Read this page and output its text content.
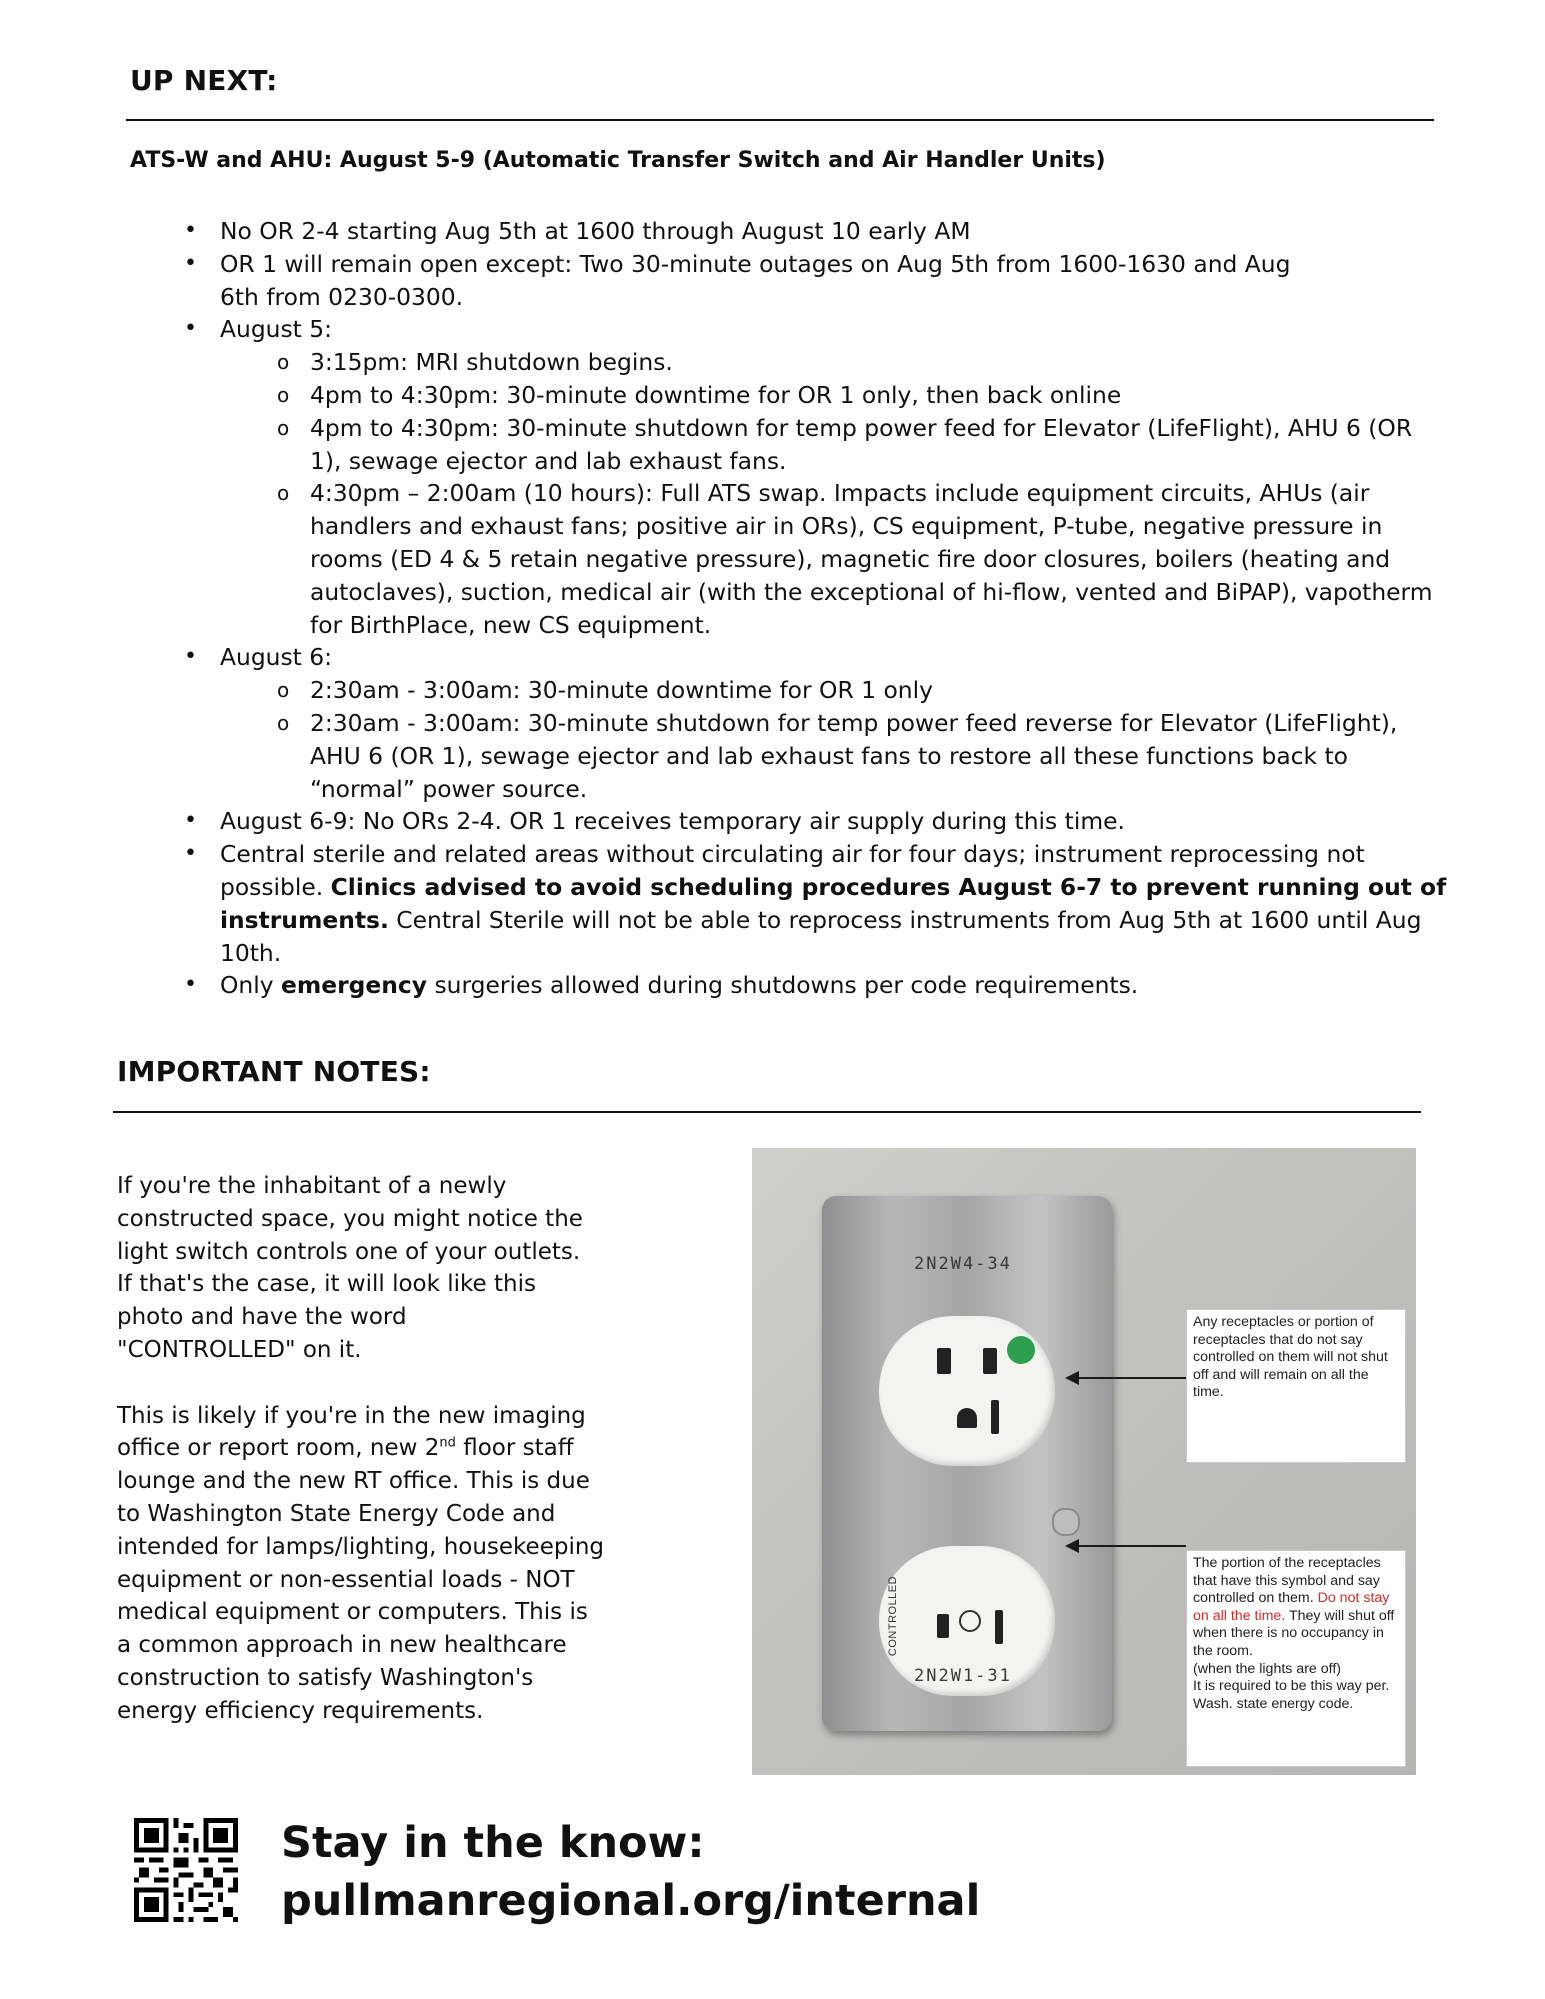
UP NEXT:
ATS-W and AHU: August 5-9 (Automatic Transfer Switch and Air Handler Units)
• No OR 2-4 starting Aug 5th at 1600 through August 10 early AM
• OR 1 will remain open except: Two 30-minute outages on Aug 5th from 1600-1630 and Aug 6th from 0230-0300.
• August 5:
o 3:15pm: MRI shutdown begins.
o 4pm to 4:30pm: 30-minute downtime for OR 1 only, then back online
o 4pm to 4:30pm: 30-minute shutdown for temp power feed for Elevator (LifeFlight), AHU 6 (OR 1), sewage ejector and lab exhaust fans.
o 4:30pm – 2:00am (10 hours): Full ATS swap. Impacts include equipment circuits, AHUs (air handlers and exhaust fans; positive air in ORs), CS equipment, P-tube, negative pressure in rooms (ED 4 & 5 retain negative pressure), magnetic fire door closures, boilers (heating and autoclaves), suction, medical air (with the exceptional of hi-flow, vented and BiPAP), vapotherm for BirthPlace, new CS equipment.
• August 6:
o 2:30am - 3:00am: 30-minute downtime for OR 1 only
o 2:30am - 3:00am: 30-minute shutdown for temp power feed reverse for Elevator (LifeFlight), AHU 6 (OR 1), sewage ejector and lab exhaust fans to restore all these functions back to “normal” power source.
• August 6-9: No ORs 2-4. OR 1 receives temporary air supply during this time.
• Central sterile and related areas without circulating air for four days; instrument reprocessing not possible. Clinics advised to avoid scheduling procedures August 6-7 to prevent running out of instruments. Central Sterile will not be able to reprocess instruments from Aug 5th at 1600 until Aug 10th.
• Only emergency surgeries allowed during shutdowns per code requirements.
IMPORTANT NOTES:

If you're the inhabitant of a newly constructed space, you might notice the light switch controls one of your outlets. If that's the case, it will look like this photo and have the word "CONTROLLED" on it.

This is likely if you're in the new imaging office or report room, new 2nd floor staff lounge and the new RT office. This is due to Washington State Energy Code and intended for lamps/lighting, housekeeping equipment or non-essential loads - NOT medical equipment or computers. This is a common approach in new healthcare construction to satisfy Washington's energy efficiency requirements.

2N2W4-34
CONTROLLED
2N2W1-31
Any receptacles or portion of receptacles that do not say controlled on them will not shut off and will remain on all the time.
The portion of the receptacles that have this symbol and say controlled on them. Do not stay on all the time. They will shut off when there is no occupancy in the room.
(when the lights are off)
It is required to be this way per. Wash. state energy code.
Stay in the know:
pullmanregional.org/internal
